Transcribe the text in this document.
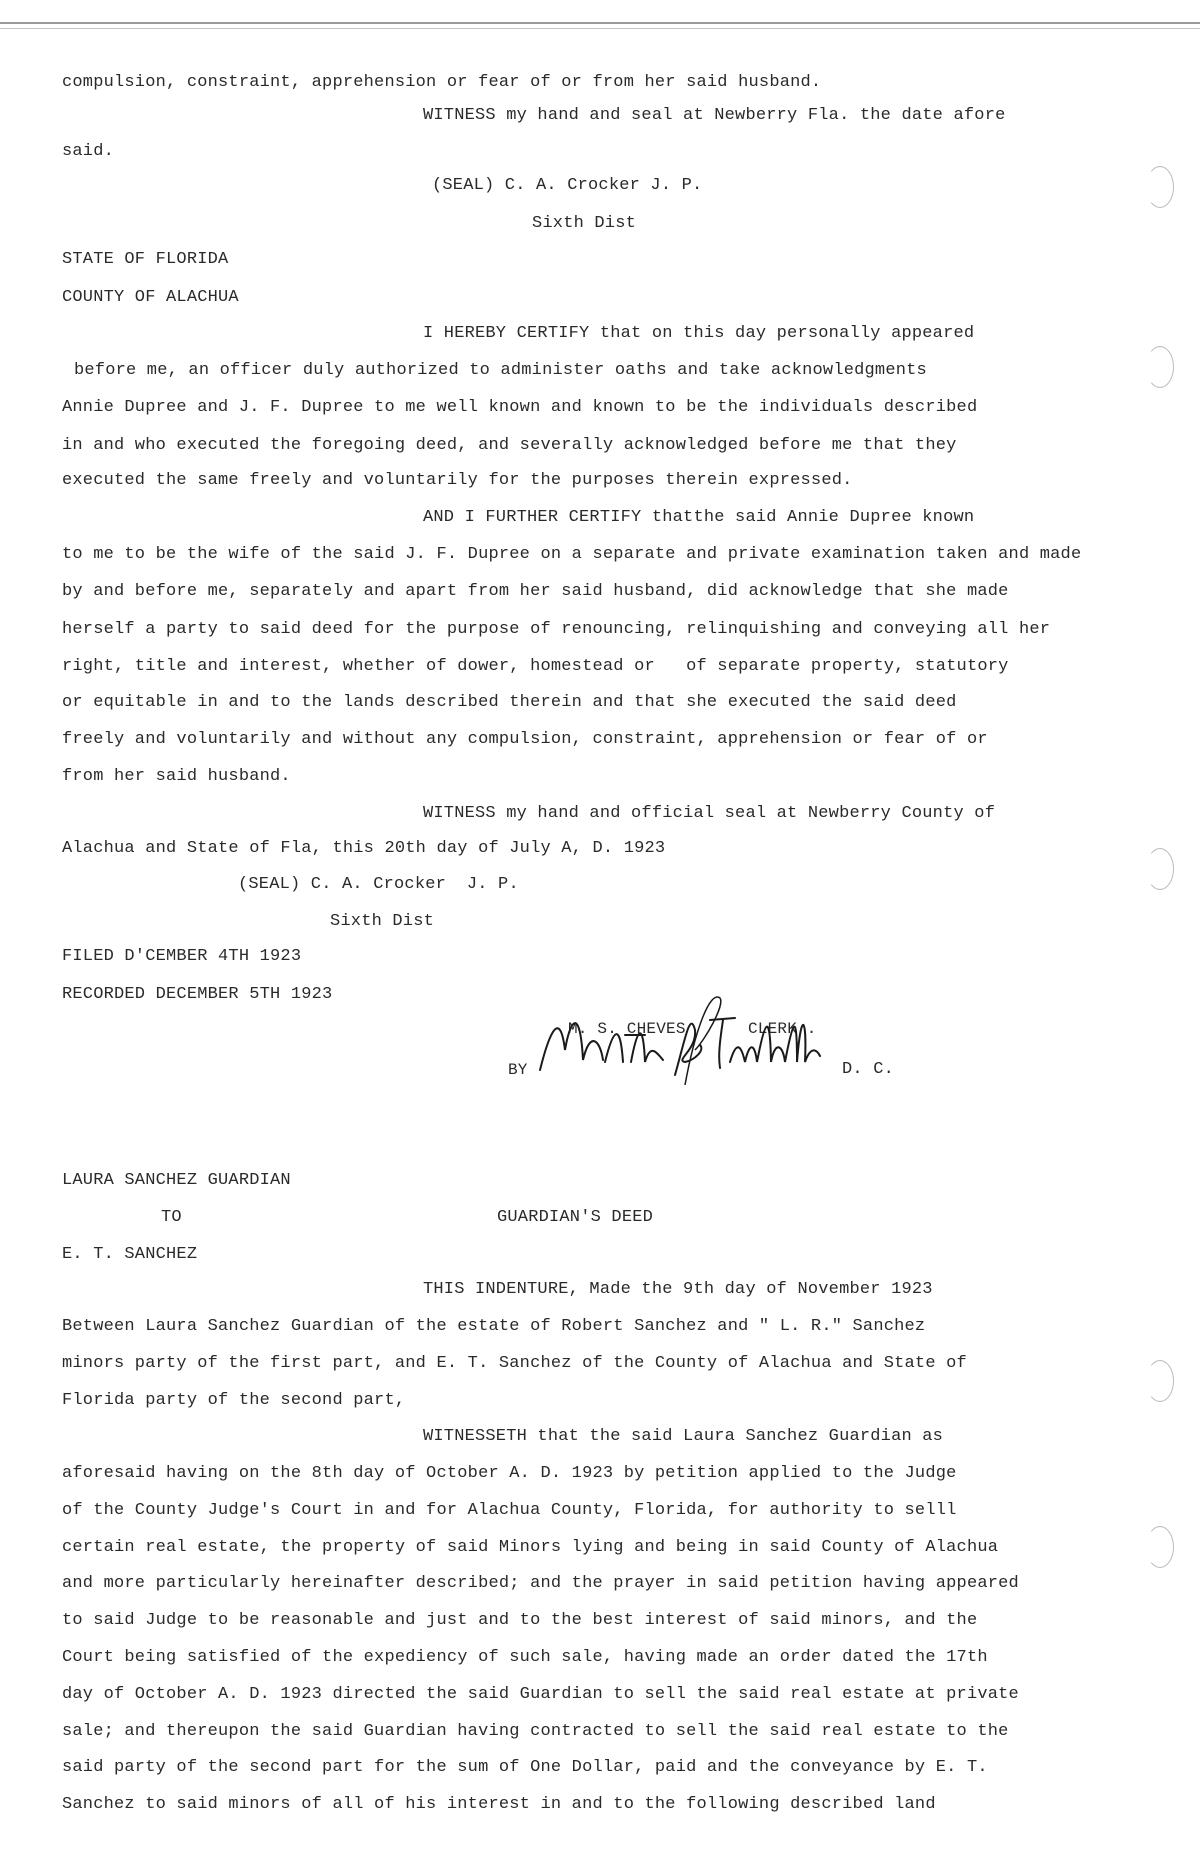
compulsion, constraint, apprehension or fear of or from her said husband.
WITNESS my hand and seal at Newberry Fla. the date afore
said.
(SEAL) C. A. Crocker J. P.
Sixth Dist
STATE OF FLORIDA
COUNTY OF ALACHUA
I HEREBY CERTIFY that on this day personally appeared
before me, an officer duly authorized to administer oaths and take acknowledgments
Annie Dupree and J. F. Dupree to me well known and known to be the individuals described
in and who executed the foregoing deed, and severally acknowledged before me that they
executed the same freely and voluntarily for the purposes therein expressed.
AND I FURTHER CERTIFY thatthe said Annie Dupree known
to me to be the wife of the said J. F. Dupree on a separate and private examination taken and made
by and before me, separately and apart from her said husband, did acknowledge that she made
herself a party to said deed for the purpose of renouncing, relinquishing and conveying all her
right, title and interest, whether of dower, homestead or   of separate property, statutory
or equitable in and to the lands described therein and that she executed the said deed
freely and voluntarily and without any compulsion, constraint, apprehension or fear of or
from her said husband.
WITNESS my hand and official seal at Newberry County of
Alachua and State of Fla, this 20th day of July A, D. 1923
(SEAL) C. A. Crocker  J. P.
Sixth Dist
FILED D'CEMBER 4TH 1923
RECORDED DECEMBER 5TH 1923
M. S. CHEVES	CLERK .
BY	D. C.
LAURA SANCHEZ GUARDIAN
TO	GUARDIAN'S DEED
E. T. SANCHEZ
THIS INDENTURE, Made the 9th day of November 1923
Between Laura Sanchez Guardian of the estate of Robert Sanchez and " L. R." Sanchez
minors party of the first part, and E. T. Sanchez of the County of Alachua and State of
Florida party of the second part,
WITNESSETH that the said Laura Sanchez Guardian as
aforesaid having on the 8th day of October A. D. 1923 by petition applied to the Judge
of the County Judge's Court in and for Alachua County, Florida, for authority to selll
certain real estate, the property of said Minors lying and being in said County of Alachua
and more particularly hereinafter described; and the prayer in said petition having appeared
to said Judge to be reasonable and just and to the best interest of said minors, and the
Court being satisfied of the expediency of such sale, having made an order dated the 17th
day of October A. D. 1923 directed the said Guardian to sell the said real estate at private
sale; and thereupon the said Guardian having contracted to sell the said real estate to the
said party of the second part for the sum of One Dollar, paid and the conveyance by E. T.
Sanchez to said minors of all of his interest in and to the following described land
